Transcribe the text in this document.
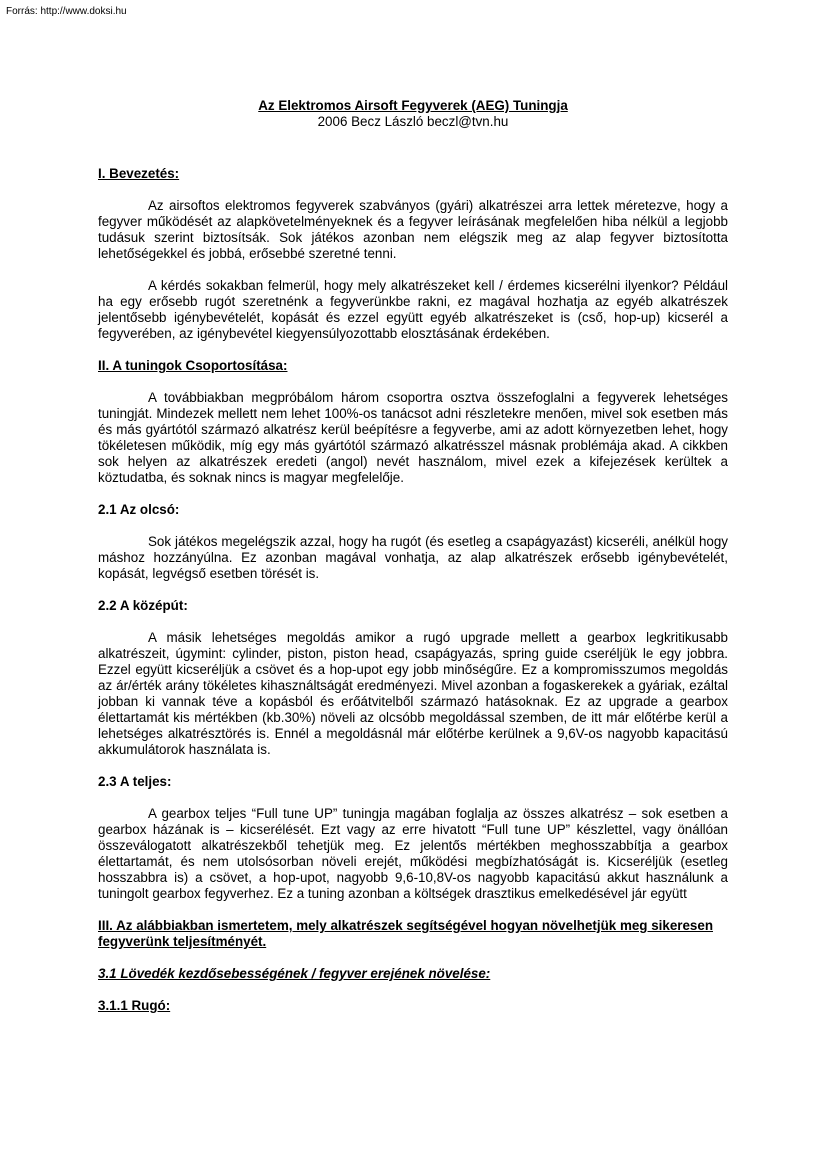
Forrás: http://www.doksi.hu

Az Elektromos Airsoft Fegyverek (AEG) Tuningja

2006 Becz László beczl@tvn.hu

I. Bevezetés:

Az airsoftos elektromos fegyverek szabványos (gyári) alkatrészei arra lettek méretezve, hogy a fegyver működését az alapkövetelményeknek és a fegyver leírásának megfelelően hiba nélkül a legjobb tudásuk szerint biztosítsák. Sok játékos azonban nem elégszik meg az alap fegyver biztosította lehetőségekkel és jobbá, erősebbé szeretné tenni.

A kérdés sokakban felmerül, hogy mely alkatrészeket kell / érdemes kicserélni ilyenkor? Például ha egy erősebb rugót szeretnénk a fegyverünkbe rakni, ez magával hozhatja az egyéb alkatrészek jelentősebb igénybevételét, kopását és ezzel együtt egyéb alkatrészeket is (cső, hop-up) kicserél a fegyverében, az igénybevétel kiegyensúlyozottabb elosztásának érdekében.

II. A tuningok Csoportosítása:

A továbbiakban megpróbálom három csoportra osztva összefoglalni a fegyverek lehetséges tuningját. Mindezek mellett nem lehet 100%-os tanácsot adni részletekre menően, mivel sok esetben más és más gyártótól származó alkatrész kerül beépítésre a fegyverbe, ami az adott környezetben lehet, hogy tökéletesen működik, míg egy más gyártótól származó alkatrésszel másnak problémája akad. A cikkben sok helyen az alkatrészek eredeti (angol) nevét használom, mivel ezek a kifejezések kerültek a köztudatba, és soknak nincs is magyar megfelelője.

2.1 Az olcsó:

Sok játékos megelégszik azzal, hogy ha rugót (és esetleg a csapágyazást) kicseréli, anélkül hogy máshoz hozzányúlna. Ez azonban magával vonhatja, az alap alkatrészek erősebb igénybevételét, kopását, legvégső esetben törését is.

2.2 A középút:

A másik lehetséges megoldás amikor a rugó upgrade mellett a gearbox legkritikusabb alkatrészeit, úgymint: cylinder, piston, piston head, csapágyazás, spring guide cseréljük le egy jobbra. Ezzel együtt kicseréljük a csövet és a hop-upot egy jobb minőségűre. Ez a kompromisszumos megoldás az ár/érték arány tökéletes kihasználtságát eredményezi. Mivel azonban a fogaskerekek a gyáriak, ezáltal jobban ki vannak téve a kopásból és erőátvitelből származó hatásoknak. Ez az upgrade a gearbox élettartamát kis mértékben (kb.30%) növeli az olcsóbb megoldással szemben, de itt már előtérbe kerül a lehetséges alkatrésztörés is. Ennél a megoldásnál már előtérbe kerülnek a 9,6V-os nagyobb kapacitású akkumulátorok használata is.

2.3 A teljes:

A gearbox teljes “Full tune UP” tuningja magában foglalja az összes alkatrész – sok esetben a gearbox házának is – kicserélését. Ezt vagy az erre hivatott “Full tune UP” készlettel, vagy önállóan összeválogatott alkatrészekből tehetjük meg. Ez jelentős mértékben meghosszabbítja a gearbox élettartamát, és nem utolsósorban növeli erejét, működési megbízhatóságát is. Kicseréljük (esetleg hosszabbra is) a csövet, a hop-upot, nagyobb 9,6-10,8V-os nagyobb kapacitású akkut használunk a tuningolt gearbox fegyverhez. Ez a tuning azonban a költségek drasztikus emelkedésével jár együtt

III. Az alábbiakban ismertetem, mely alkatrészek segítségével hogyan növelhetjük meg sikeresen fegyverünk teljesítményét.

3.1 Lövedék kezdősebességének / fegyver erejének növelése:

3.1.1 Rugó:
